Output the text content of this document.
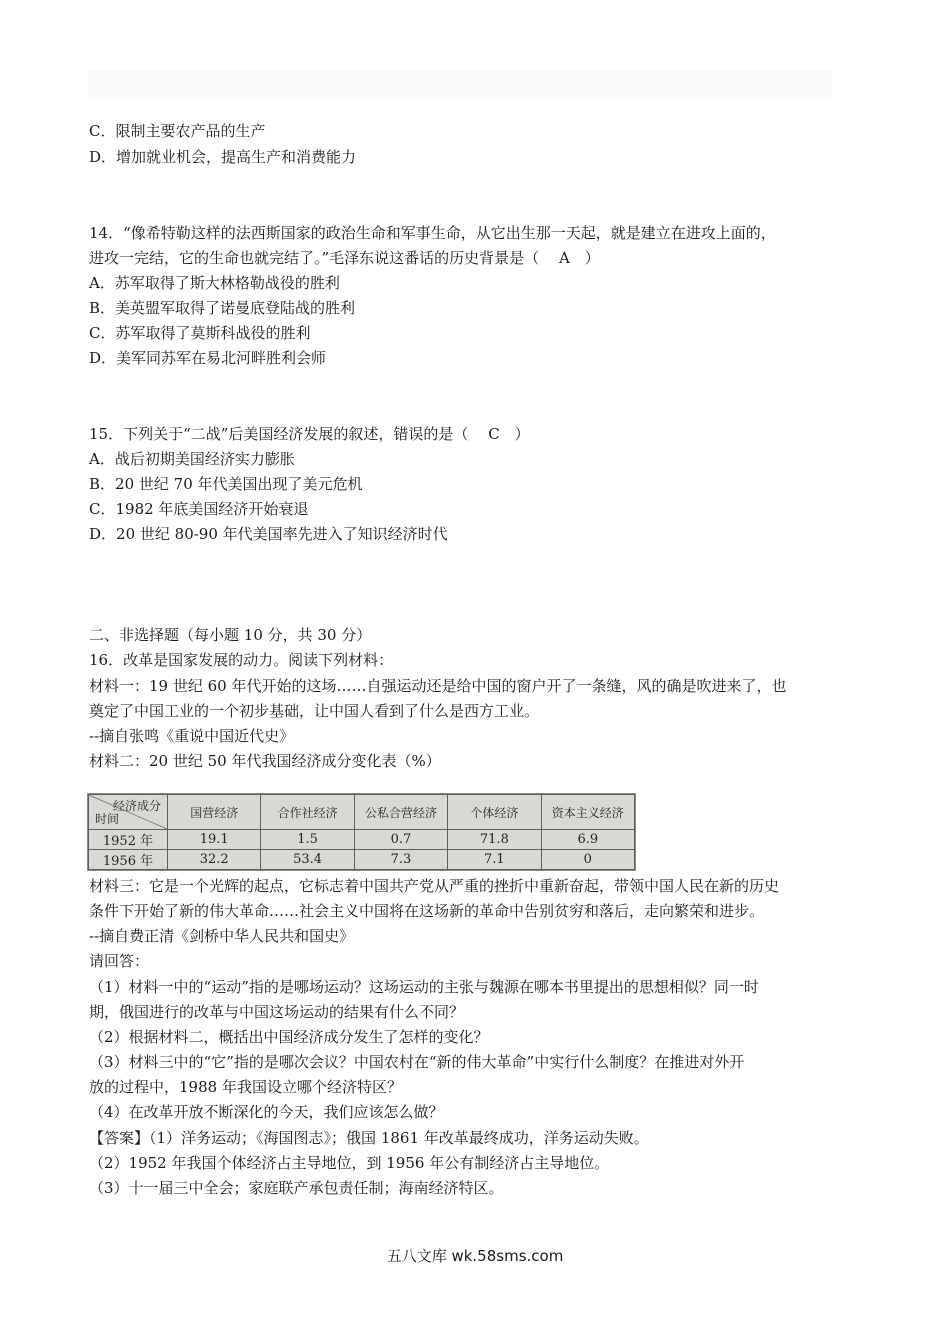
C．限制主要农产品的生产
D．增加就业机会，提高生产和消费能力
14．“像希特勒这样的法西斯国家的政治生命和军事生命，从它出生那一天起，就是建立在进攻上面的，
进攻一完结，它的生命也就完结了。”毛泽东说这番话的历史背景是（　 A　）
A．苏军取得了斯大林格勒战役的胜利
B．美英盟军取得了诺曼底登陆战的胜利
C．苏军取得了莫斯科战役的胜利
D．美军同苏军在易北河畔胜利会师
15．下列关于“二战”后美国经济发展的叙述，错误的是（　 C　）
A．战后初期美国经济实力膨胀
B．20 世纪 70 年代美国出现了美元危机
C．1982 年底美国经济开始衰退
D．20 世纪 80-90 年代美国率先进入了知识经济时代
二、非选择题（每小题 10 分，共 30 分）
16．改革是国家发展的动力。阅读下列材料：
材料一：19 世纪 60 年代开始的这场……自强运动还是给中国的窗户开了一条缝，风的确是吹进来了，也
奠定了中国工业的一个初步基础，让中国人看到了什么是西方工业。
--摘自张鸣《重说中国近代史》
材料二：20 世纪 50 年代我国经济成分变化表（%）
经济成分
时间	国营经济	合作社经济	公私合营经济	个体经济	资本主义经济
1952 年	19.1	1.5	0.7	71.8	6.9
1956 年	32.2	53.4	7.3	7.1	0
材料三：它是一个光辉的起点，它标志着中国共产党从严重的挫折中重新奋起，带领中国人民在新的历史
条件下开始了新的伟大革命……社会主义中国将在这场新的革命中告别贫穷和落后，走向繁荣和进步。
--摘自费正清《剑桥中华人民共和国史》
请回答：
（1）材料一中的“运动”指的是哪场运动？这场运动的主张与魏源在哪本书里提出的思想相似？同一时
期，俄国进行的改革与中国这场运动的结果有什么不同？
（2）根据材料二，概括出中国经济成分发生了怎样的变化？
（3）材料三中的“它”指的是哪次会议？中国农村在“新的伟大革命”中实行什么制度？在推进对外开
放的过程中，1988 年我国设立哪个经济特区？
（4）在改革开放不断深化的今天，我们应该怎么做？
【答案】（1）洋务运动；《海国图志》；俄国 1861 年改革最终成功，洋务运动失败。
（2）1952 年我国个体经济占主导地位，到 1956 年公有制经济占主导地位。
（3）十一届三中全会；家庭联产承包责任制；海南经济特区。
五八文库 wk.58sms.com
